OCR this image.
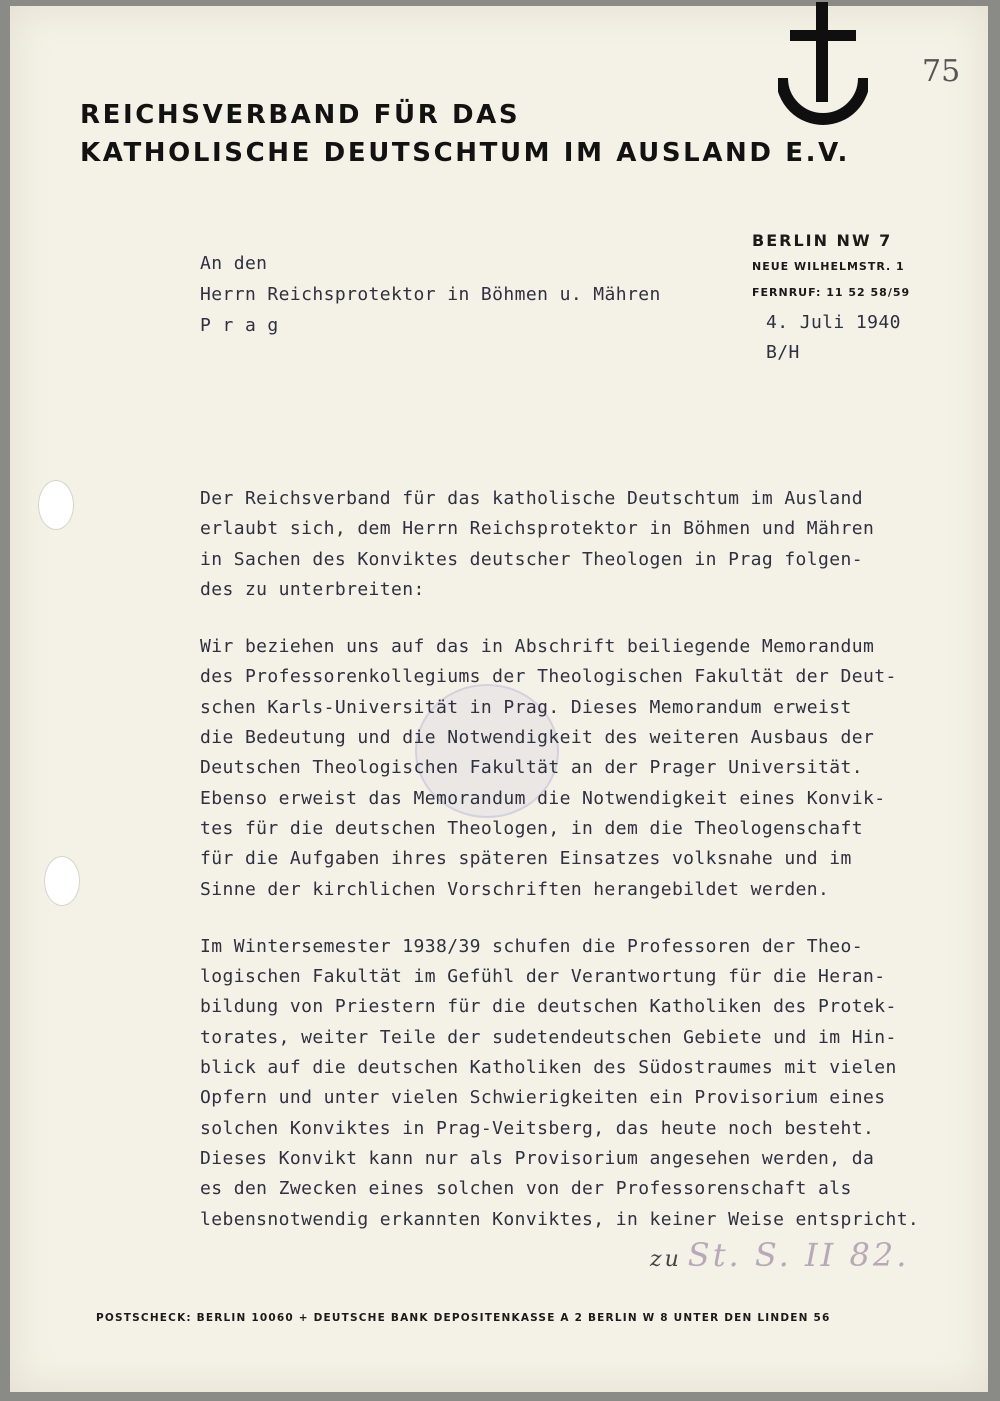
75
REICHSVERBAND FÜR DAS
KATHOLISCHE DEUTSCHTUM IM AUSLAND E.V.
BERLIN NW 7
NEUE WILHELMSTR. 1
FERNRUF: 11 52 58/59
4. Juli 1940
B/H
An den
Herrn Reichsprotektor in Böhmen u. Mähren
P r a g
Der Reichsverband für das katholische Deutschtum im Ausland
erlaubt sich, dem Herrn Reichsprotektor in Böhmen und Mähren
in Sachen des Konviktes deutscher Theologen in Prag folgen-
des zu unterbreiten:
Wir beziehen uns auf das in Abschrift beiliegende Memorandum
des Professorenkollegiums der Theologischen Fakultät der Deut-
schen Karls-Universität in Prag. Dieses Memorandum erweist
die Bedeutung und die Notwendigkeit des weiteren Ausbaus der
Deutschen Theologischen Fakultät an der Prager Universität.
Ebenso erweist das Memorandum die Notwendigkeit eines Konvik-
tes für die deutschen Theologen, in dem die Theologenschaft
für die Aufgaben ihres späteren Einsatzes volksnahe und im
Sinne der kirchlichen Vorschriften herangebildet werden.
Im Wintersemester 1938/39 schufen die Professoren der Theo-
logischen Fakultät im Gefühl der Verantwortung für die Heran-
bildung von Priestern für die deutschen Katholiken des Protek-
torates, weiter Teile der sudetendeutschen Gebiete und im Hin-
blick auf die deutschen Katholiken des Südostraumes mit vielen
Opfern und unter vielen Schwierigkeiten ein Provisorium eines
solchen Konviktes in Prag-Veitsberg, das heute noch besteht.
Dieses Konvikt kann nur als Provisorium angesehen werden, da
es den Zwecken eines solchen von der Professorenschaft als
lebensnotwendig erkannten Konviktes, in keiner Weise entspricht.
zu St. S. II 82.
POSTSCHECK: BERLIN 10060 + DEUTSCHE BANK DEPOSITENKASSE A 2 BERLIN W 8 UNTER DEN LINDEN 56
